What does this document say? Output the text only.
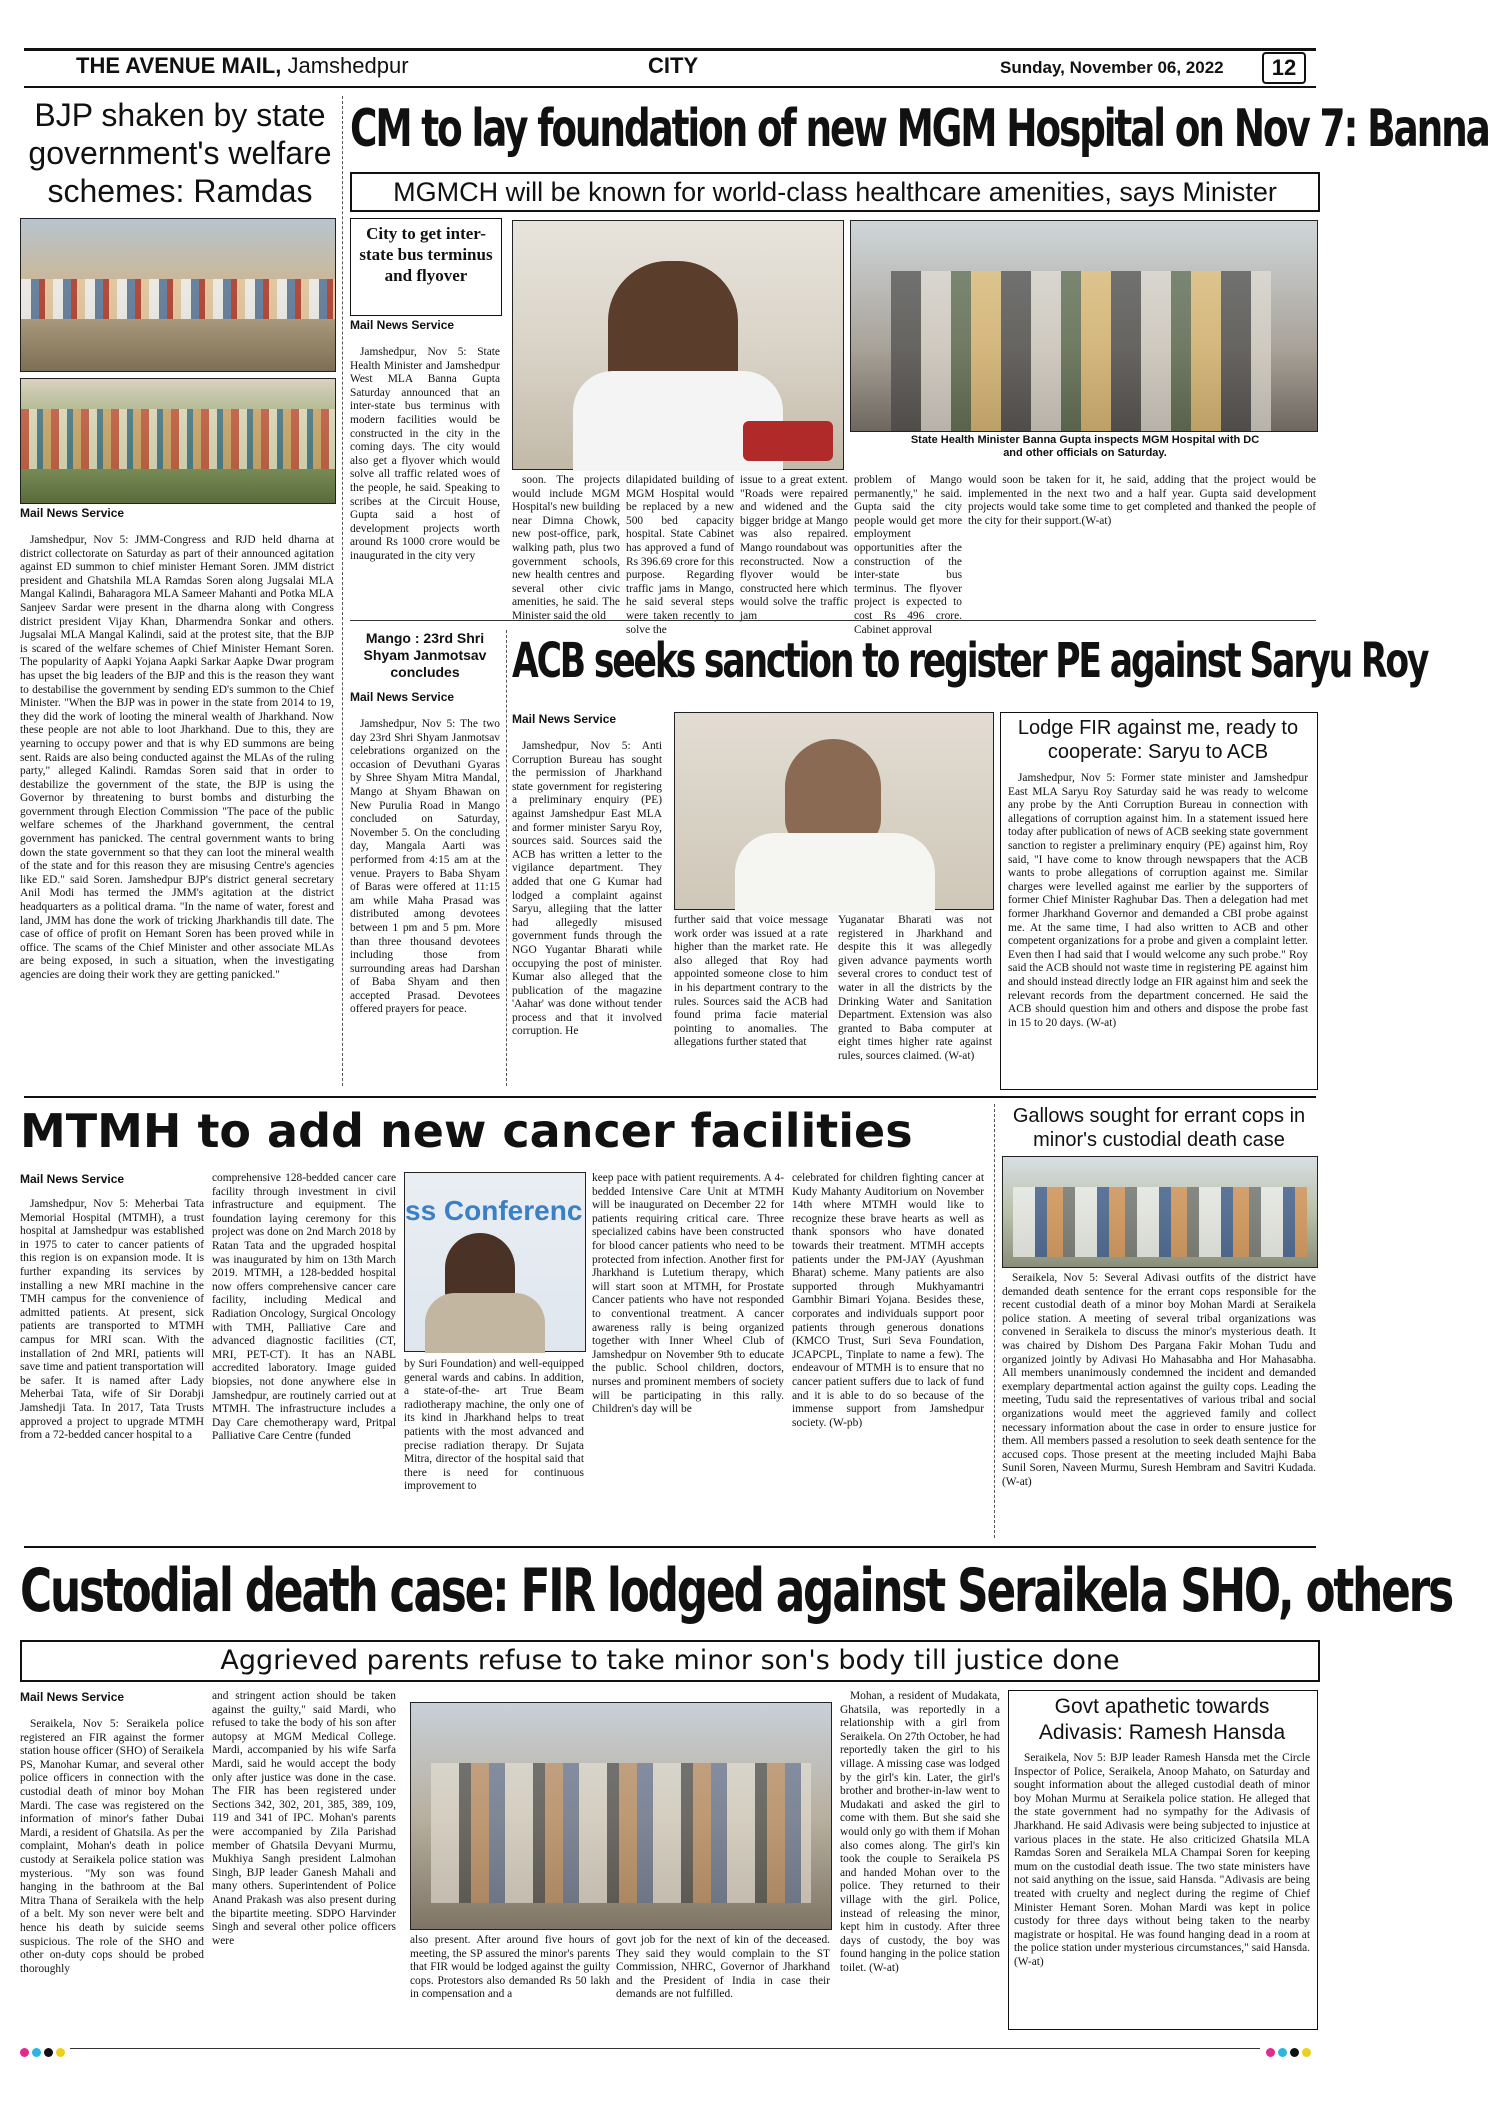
THE AVENUE MAIL, Jamshedpur	CITY	Sunday, November 06, 2022	12
BJP shaken by state government's welfare schemes: Ramdas
Mail News Service

Jamshedpur, Nov 5: JMM-Congress and RJD held dharna at district collectorate on Saturday as part of their announced agitation against ED summon to chief minister Hemant Soren. JMM district president and Ghatshila MLA Ramdas Soren along Jugsalai MLA Mangal Kalindi, Baharagora MLA Sameer Mahanti and Potka MLA Sanjeev Sardar were present in the dharna along with Congress district president Vijay Khan, Dharmendra Sonkar and others. Jugsalai MLA Mangal Kalindi, said at the protest site, that the BJP is scared of the welfare schemes of Chief Minister Hemant Soren. The popularity of Aapki Yojana Aapki Sarkar Aapke Dwar program has upset the big leaders of the BJP and this is the reason they want to destabilise the government by sending ED's summon to the Chief Minister. "When the BJP was in power in the state from 2014 to 19, they did the work of looting the mineral wealth of Jharkhand. Now these people are not able to loot Jharkhand. Due to this, they are yearning to occupy power and that is why ED summons are being sent. Raids are also being conducted against the MLAs of the ruling party," alleged Kalindi. Ramdas Soren said that in order to destabilize the government of the state, the BJP is using the Governor by threatening to burst bombs and disturbing the government through Election Commission "The pace of the public welfare schemes of the Jharkhand government, the central government has panicked. The central government wants to bring down the state government so that they can loot the mineral wealth of the state and for this reason they are misusing Centre's agencies like ED." said Soren. Jamshedpur BJP's district general secretary Anil Modi has termed the JMM's agitation at the district headquarters as a political drama. "In the name of water, forest and land, JMM has done the work of tricking Jharkhandis till date. The case of office of profit on Hemant Soren has been proved while in office. The scams of the Chief Minister and other associate MLAs are being exposed, in such a situation, when the investigating agencies are doing their work they are getting panicked."

CM to lay foundation of new MGM Hospital on Nov 7: Banna
MGMCH will be known for world-class healthcare amenities, says Minister
City to get inter-state bus terminus and flyover
Mail News Service

Jamshedpur, Nov 5: State Health Minister and Jamshedpur West MLA Banna Gupta Saturday announced that an inter-state bus terminus with modern facilities would be constructed in the city in the coming days. The city would also get a flyover which would solve all traffic related woes of the people, he said. Speaking to scribes at the Circuit House, Gupta said a host of development projects worth around Rs 1000 crore would be inaugurated in the city very

State Health Minister Banna Gupta inspects MGM Hospital with DC and other officials on Saturday.

soon. The projects would include MGM Hospital's new building near Dimna Chowk, new post-office, park, walking path, plus two government schools, new health centres and several other civic amenities, he said. The Minister said the old

dilapidated building of MGM Hospital would be replaced by a new 500 bed capacity hospital. State Cabinet has approved a fund of Rs 396.69 crore for this purpose. Regarding traffic jams in Mango, he said several steps were taken recently to solve the

issue to a great extent. "Roads were repaired and widened and the bigger bridge at Mango was also repaired. Mango roundabout was reconstructed. Now a flyover would be constructed here which would solve the traffic jam

problem of Mango permanently," he said. Gupta said the city people would get more employment opportunities after the construction of the inter-state bus terminus. The flyover project is expected to cost Rs 496 crore. Cabinet approval

would soon be taken for it, he said, adding that the project would be implemented in the next two and a half year. Gupta said development projects would take some time to get completed and thanked the people of the city for their support.(W-at)

Mango : 23rd Shri Shyam Janmotsav concludes
Mail News Service

Jamshedpur, Nov 5: The two day 23rd Shri Shyam Janmotsav celebrations organized on the occasion of Devuthani Gyaras by Shree Shyam Mitra Mandal, Mango at Shyam Bhawan on New Purulia Road in Mango concluded on Saturday, November 5. On the concluding day, Mangala Aarti was performed from 4:15 am at the venue. Prayers to Baba Shyam of Baras were offered at 11:15 am while Maha Prasad was distributed among devotees between 1 pm and 5 pm. More than three thousand devotees including those from surrounding areas had Darshan of Baba Shyam and then accepted Prasad. Devotees offered prayers for peace.

ACB seeks sanction to register PE against Saryu Roy
Mail News Service

Jamshedpur, Nov 5: Anti Corruption Bureau has sought the permission of Jharkhand state government for registering a preliminary enquiry (PE) against Jamshedpur East MLA and former minister Saryu Roy, sources said. Sources said the ACB has written a letter to the vigilance department. They added that one G Kumar had lodged a complaint against Saryu, allegiing that the latter had allegedly misused government funds through the NGO Yugantar Bharati while occupying the post of minister. Kumar also alleged that the publication of the magazine 'Aahar' was done without tender process and that it involved corruption. He

further said that voice message work order was issued at a rate higher than the market rate. He also alleged that Roy had appointed someone close to him in his department contrary to the rules. Sources said the ACB had found prima facie material pointing to anomalies. The allegations further stated that

Yuganatar Bharati was not registered in Jharkhand and despite this it was allegedly given advance payments worth several crores to conduct test of water in all the districts by the Drinking Water and Sanitation Department. Extension was also granted to Baba computer at eight times higher rate against rules, sources claimed. (W-at)

Lodge FIR against me, ready to cooperate: Saryu to ACB

Jamshedpur, Nov 5: Former state minister and Jamshedpur East MLA Saryu Roy Saturday said he was ready to welcome any probe by the Anti Corruption Bureau in connection with allegations of corruption against him. In a statement issued here today after publication of news of ACB seeking state government sanction to register a preliminary enquiry (PE) against him, Roy said, "I have come to know through newspapers that the ACB wants to probe allegations of corruption against me. Similar charges were levelled against me earlier by the supporters of former Chief Minister Raghubar Das. Then a delegation had met former Jharkhand Governor and demanded a CBI probe against me. At the same time, I had also written to ACB and other competent organizations for a probe and given a complaint letter. Even then I had said that I would welcome any such probe." Roy said the ACB should not waste time in registering PE against him and should instead directly lodge an FIR against him and seek the relevant records from the department concerned. He said the ACB should question him and others and dispose the probe fast in 15 to 20 days. (W-at)

MTMH to add new cancer facilities
Mail News Service

Jamshedpur, Nov 5: Meherbai Tata Memorial Hospital (MTMH), a trust hospital at Jamshedpur was established in 1975 to cater to cancer patients of this region is on expansion mode. It is further expanding its services by installing a new MRI machine in the TMH campus for the convenience of admitted patients. At present, sick patients are transported to MTMH campus for MRI scan. With the installation of 2nd MRI, patients will save time and patient transportation will be safer. It is named after Lady Meherbai Tata, wife of Sir Dorabji Jamshedji Tata. In 2017, Tata Trusts approved a project to upgrade MTMH from a 72-bedded cancer hospital to a

comprehensive 128-bedded cancer care facility through investment in civil infrastructure and equipment. The foundation laying ceremony for this project was done on 2nd March 2018 by Ratan Tata and the upgraded hospital was inaugurated by him on 13th March 2019. MTMH, a 128-bedded hospital now offers comprehensive cancer care facility, including Medical and Radiation Oncology, Surgical Oncology with TMH, Palliative Care and advanced diagnostic facilities (CT, MRI, PET-CT). It has an NABL accredited laboratory. Image guided biopsies, not done anywhere else in Jamshedpur, are routinely carried out at MTMH. The infrastructure includes a Day Care chemotherapy ward, Pritpal Palliative Care Centre (funded

ss Conferenc

by Suri Foundation) and well-equipped general wards and cabins. In addition, a state-of-the- art True Beam radiotherapy machine, the only one of its kind in Jharkhand helps to treat patients with the most advanced and precise radiation therapy. Dr Sujata Mitra, director of the hospital said that there is need for continuous improvement to

keep pace with patient requirements. A 4-bedded Intensive Care Unit at MTMH will be inaugurated on December 22 for patients requiring critical care. Three specialized cabins have been constructed for blood cancer patients who need to be protected from infection. Another first for Jharkhand is Lutetium therapy, which will start soon at MTMH, for Prostate Cancer patients who have not responded to conventional treatment. A cancer awareness rally is being organized together with Inner Wheel Club of Jamshedpur on November 9th to educate the public. School children, doctors, nurses and prominent members of society will be participating in this rally. Children's day will be

celebrated for children fighting cancer at Kudy Mahanty Auditorium on November 14th where MTMH would like to recognize these brave hearts as well as thank sponsors who have donated towards their treatment. MTMH accepts patients under the PM-JAY (Ayushman Bharat) scheme. Many patients are also supported through Mukhyamantri Gambhir Bimari Yojana. Besides these, corporates and individuals support poor patients through generous donations (KMCO Trust, Suri Seva Foundation, JCAPCPL, Tinplate to name a few). The endeavour of MTMH is to ensure that no cancer patient suffers due to lack of fund and it is able to do so because of the immense support from Jamshedpur society. (W-pb)

Gallows sought for errant cops in minor's custodial death case

Seraikela, Nov 5: Several Adivasi outfits of the district have demanded death sentence for the errant cops responsible for the recent custodial death of a minor boy Mohan Mardi at Seraikela police station. A meeting of several tribal organizations was convened in Seraikela to discuss the minor's mysterious death. It was chaired by Dishom Des Pargana Fakir Mohan Tudu and organized jointly by Adivasi Ho Mahasabha and Hor Mahasabha. All members unanimously condemned the incident and demanded exemplary departmental action against the guilty cops. Leading the meeting, Tudu said the representatives of various tribal and social organizations would meet the aggrieved family and collect necessary information about the case in order to ensure justice for them. All members passed a resolution to seek death sentence for the accused cops. Those present at the meeting included Majhi Baba Sunil Soren, Naveen Murmu, Suresh Hembram and Savitri Kudada.(W-at)

Custodial death case: FIR lodged against Seraikela SHO, others
Aggrieved parents refuse to take minor son's body till justice done
Mail News Service

Seraikela, Nov 5: Seraikela police registered an FIR against the former station house officer (SHO) of Seraikela PS, Manohar Kumar, and several other police officers in connection with the custodial death of minor boy Mohan Mardi. The case was registered on the information of minor's father Dubai Mardi, a resident of Ghatsila. As per the complaint, Mohan's death in police custody at Seraikela police station was mysterious. "My son was found hanging in the bathroom at the Bal Mitra Thana of Seraikela with the help of a belt. My son never were belt and hence his death by suicide seems suspicious. The role of the SHO and other on-duty cops should be probed thoroughly

and stringent action should be taken against the guilty," said Mardi, who refused to take the body of his son after autopsy at MGM Medical College. Mardi, accompanied by his wife Sarfa Mardi, said he would accept the body only after justice was done in the case. The FIR has been registered under Sections 342, 302, 201, 385, 389, 109, 119 and 341 of IPC. Mohan's parents were accompanied by Zila Parishad member of Ghatsila Devyani Murmu, Mukhiya Sangh president Lalmohan Singh, BJP leader Ganesh Mahali and many others. Superintendent of Police Anand Prakash was also present during the bipartite meeting. SDPO Harvinder Singh and several other police officers were	also present. After around five hours of meeting, the SP assured the minor's parents that FIR would be lodged against the guilty cops. Protestors also demanded Rs 50 lakh in compensation and a

govt job for the next of kin of the deceased. They said they would complain to the ST Commission, NHRC, Governor of Jharkhand and the President of India in case their demands are not fulfilled.

Mohan, a resident of Mudakata, Ghatsila, was reportedly in a relationship with a girl from Seraikela. On 27th October, he had reportedly taken the girl to his village. A missing case was lodged by the girl's kin. Later, the girl's brother and brother-in-law went to Mudakati and asked the girl to come with them. But she said she would only go with them if Mohan also comes along. The girl's kin took the couple to Seraikela PS and handed Mohan over to the police. They returned to their village with the girl. Police, instead of releasing the minor, kept him in custody. After three days of custody, the boy was found hanging in the police station toilet. (W-at)

Govt apathetic towards Adivasis: Ramesh Hansda

Seraikela, Nov 5: BJP leader Ramesh Hansda met the Circle Inspector of Police, Seraikela, Anoop Mahato, on Saturday and sought information about the alleged custodial death of minor boy Mohan Murmu at Seraikela police station. He alleged that the state government had no sympathy for the Adivasis of Jharkhand. He said Adivasis were being subjected to injustice at various places in the state. He also criticized Ghatsila MLA Ramdas Soren and Seraikela MLA Champai Soren for keeping mum on the custodial death issue. The two state ministers have not said anything on the issue, said Hansda. "Adivasis are being treated with cruelty and neglect during the regime of Chief Minister Hemant Soren. Mohan Mardi was kept in police custody for three days without being taken to the nearby magistrate or hospital. He was found hanging dead in a room at the police station under mysterious circumstances," said Hansda.(W-at)
